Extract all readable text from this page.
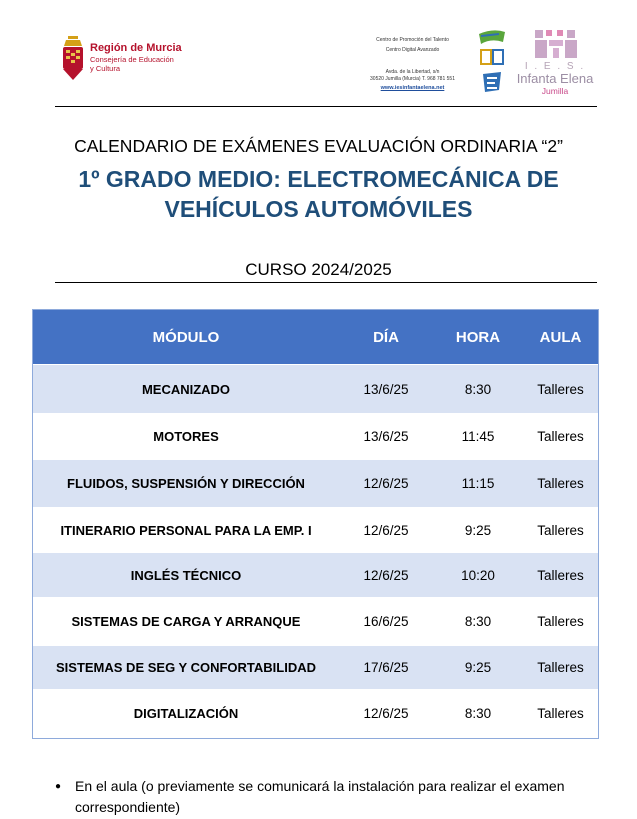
Región de Murcia
Consejería de Educación
y Cultura
Centro de Promoción del Talento
Centro Digital Avanzado
Avda. de la Libertad, s/n
30520 Jumilla (Murcia) T. 968 781 551
www.iesinfantaelena.net
I . E . S .
Infanta Elena
Jumilla
CALENDARIO DE EXÁMENES EVALUACIÓN ORDINARIA “2”
1º GRADO MEDIO: ELECTROMECÁNICA DE
VEHÍCULOS AUTOMÓVILES
CURSO 2024/2025
MÓDULO	DÍA	HORA	AULA
MECANIZADO	13/6/25	8:30	Talleres
MOTORES	13/6/25	11:45	Talleres
FLUIDOS, SUSPENSIÓN Y DIRECCIÓN	12/6/25	11:15	Talleres
ITINERARIO PERSONAL PARA LA EMP. I	12/6/25	9:25	Talleres
INGLÉS TÉCNICO	12/6/25	10:20	Talleres
SISTEMAS DE CARGA Y ARRANQUE	16/6/25	8:30	Talleres
SISTEMAS DE SEG Y CONFORTABILIDAD	17/6/25	9:25	Talleres
DIGITALIZACIÓN	12/6/25	8:30	Talleres
● En el aula (o previamente se comunicará la instalación para realizar el examen correspondiente)
